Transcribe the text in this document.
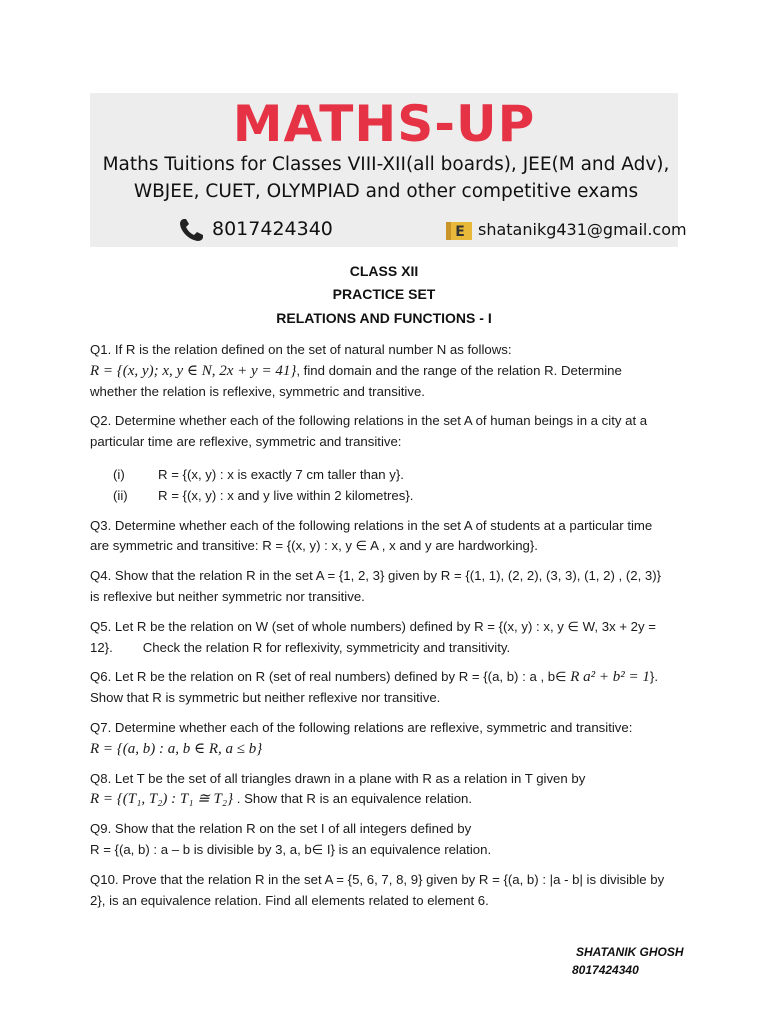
MATHS-UP
Maths Tuitions for Classes VIII-XII(all boards), JEE(M and Adv),
WBJEE, CUET, OLYMPIAD and other competitive exams
8017424340	E shatanikg431@gmail.com
CLASS XII
PRACTICE SET
RELATIONS AND FUNCTIONS - I

Q1. If R is the relation defined on the set of natural number N as follows:

R = {(x, y); x, y ∈ N, 2x + y = 41}, find domain and the range of the relation R. Determine whether the relation is reflexive, symmetric and transitive.

Q2. Determine whether each of the following relations in the set A of human beings in a city at a particular time are reflexive, symmetric and transitive:

(i)	R = {(x, y) : x is exactly 7 cm taller than y}.
(ii) R = {(x, y) : x and y live within 2 kilometres}.

Q3. Determine whether each of the following relations in the set A of students at a particular time are symmetric and transitive: R = {(x, y) : x, y ∈ A , x and y are hardworking}.

Q4. Show that the relation R in the set A = {1, 2, 3} given by R = {(1, 1), (2, 2), (3, 3), (1, 2) , (2, 3)} is reflexive but neither symmetric nor transitive.

Q5. Let R be the relation on W (set of whole numbers) defined by R = {(x, y) : x, y ∈ W, 3x + 2y = 12}. Check the relation R for reflexivity, symmetricity and transitivity.

Q6. Let R be the relation on R (set of real numbers) defined by R = {(a, b) : a , b∈ R a² + b² = 1}. Show that R is symmetric but neither reflexive nor transitive.

Q7. Determine whether each of the following relations are reflexive, symmetric and transitive:

R = {(a, b) : a, b ∈ R, a ≤ b}

Q8. Let T be the set of all triangles drawn in a plane with R as a relation in T given by

R = {(T₁, T₂) : T₁ ≅ T₂} . Show that R is an equivalence relation.

Q9. Show that the relation R on the set I of all integers defined by

R = {(a, b) : a – b is divisible by 3, a, b∈ I} is an equivalence relation.

Q10. Prove that the relation R in the set A = {5, 6, 7, 8, 9} given by R = {(a, b) : |a - b| is divisible by 2}, is an equivalence relation. Find all elements related to element 6.

SHATANIK GHOSH
8017424340
